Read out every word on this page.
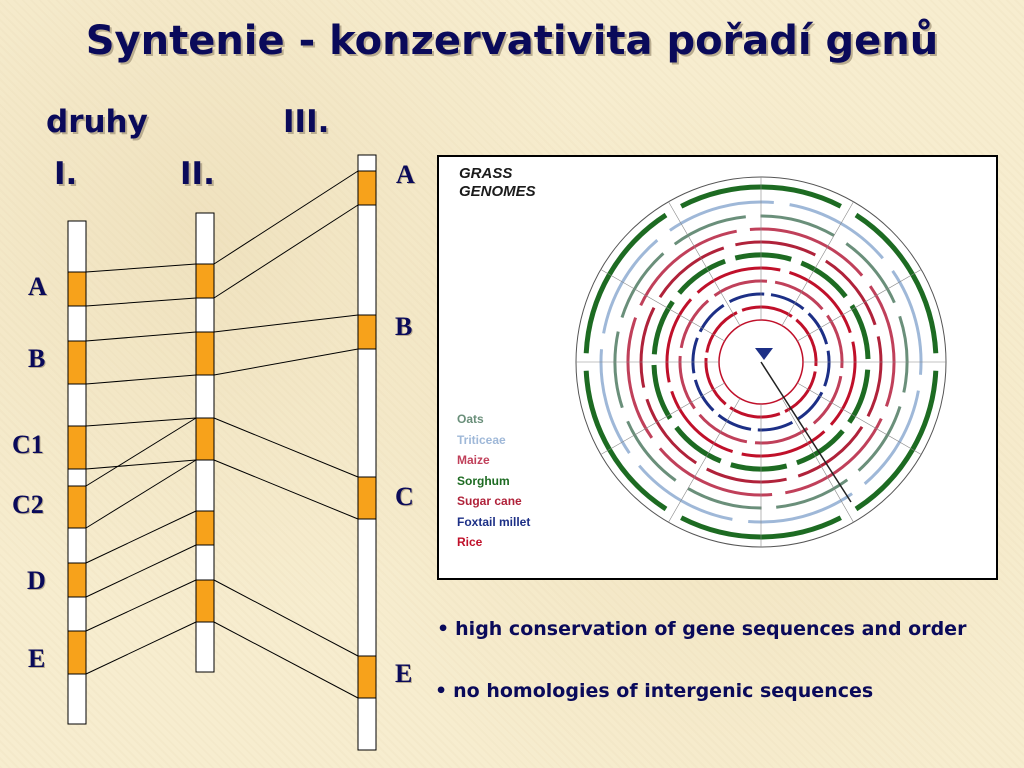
Syntenie - konzervativita pořadí genů
druhy	III.
I.	II.
A
B
C1
C2
D
E
A
B
C
E
GRASS
GENOMES
Oats
Triticeae
Maize
Sorghum
Sugar cane
Foxtail millet
Rice
• high conservation of gene sequences and order
• no homologies of intergenic sequences
